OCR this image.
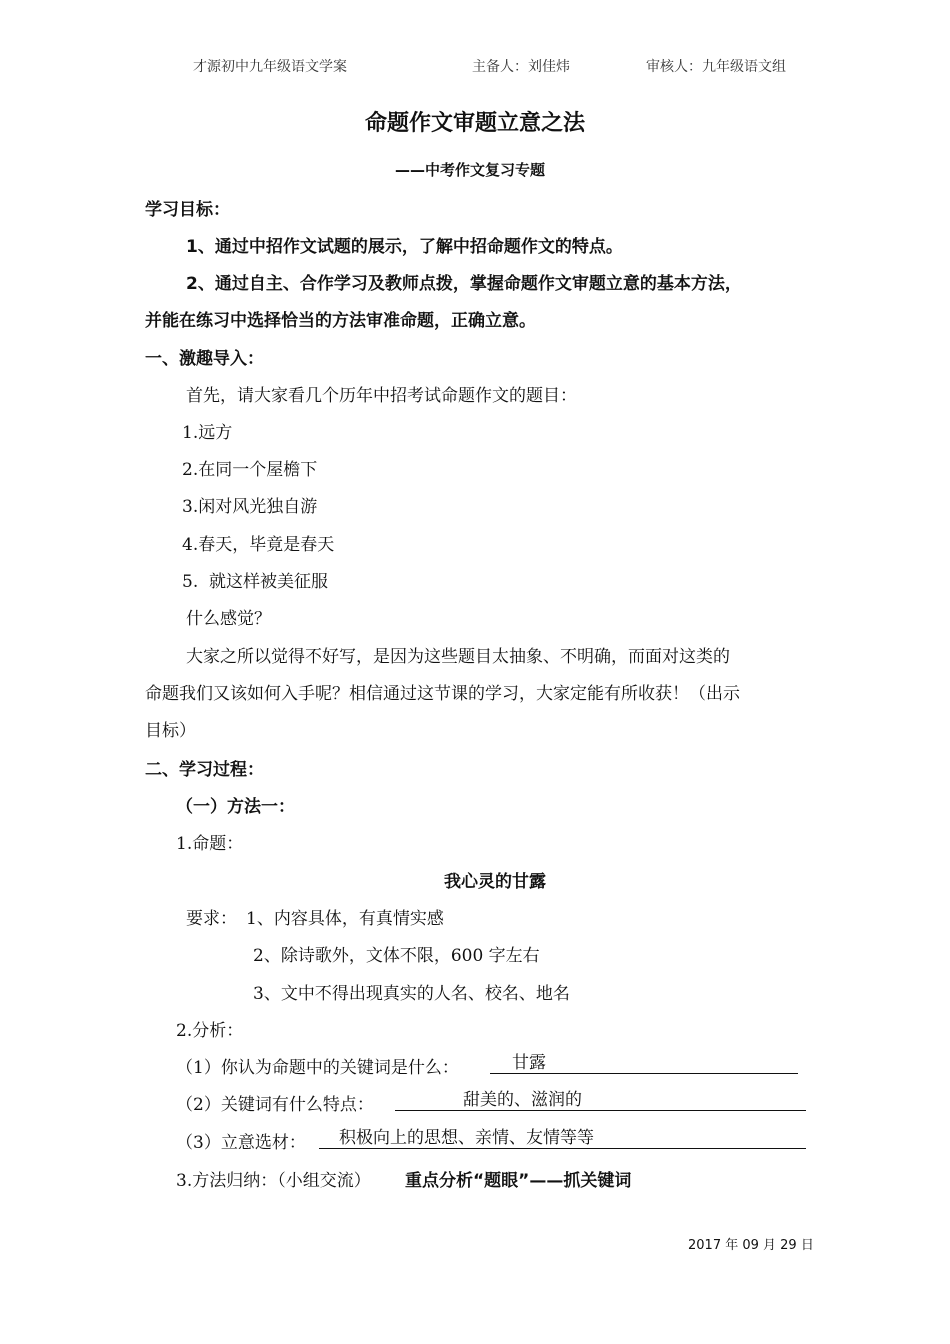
才源初中九年级语文学案	主备人：刘佳炜	审核人：九年级语文组
命题作文审题立意之法
——中考作文复习专题
学习目标：
1、通过中招作文试题的展示，了解中招命题作文的特点。
2、通过自主、合作学习及教师点拨，掌握命题作文审题立意的基本方法，
并能在练习中选择恰当的方法审准命题，正确立意。
一、激趣导入：
首先，请大家看几个历年中招考试命题作文的题目：
1.远方
2.在同一个屋檐下
3.闲对风光独自游
4.春天，毕竟是春天
5.  就这样被美征服
什么感觉？
大家之所以觉得不好写，是因为这些题目太抽象、不明确，而面对这类的
命题我们又该如何入手呢？相信通过这节课的学习，大家定能有所收获！（出示
目标）
二、学习过程：
（一）方法一：
1.命题：
我心灵的甘露
要求： 1、内容具体，有真情实感
2、除诗歌外，文体不限，600 字左右
3、文中不得出现真实的人名、校名、地名
2.分析：
（1）你认为命题中的关键词是什么：	甘露
（2）关键词有什么特点：	甜美的、滋润的
（3）立意选材：	积极向上的思想、亲情、友情等等
3.方法归纳：（小组交流） 重点分析“题眼”——抓关键词
2017 年 09 月 29 日
